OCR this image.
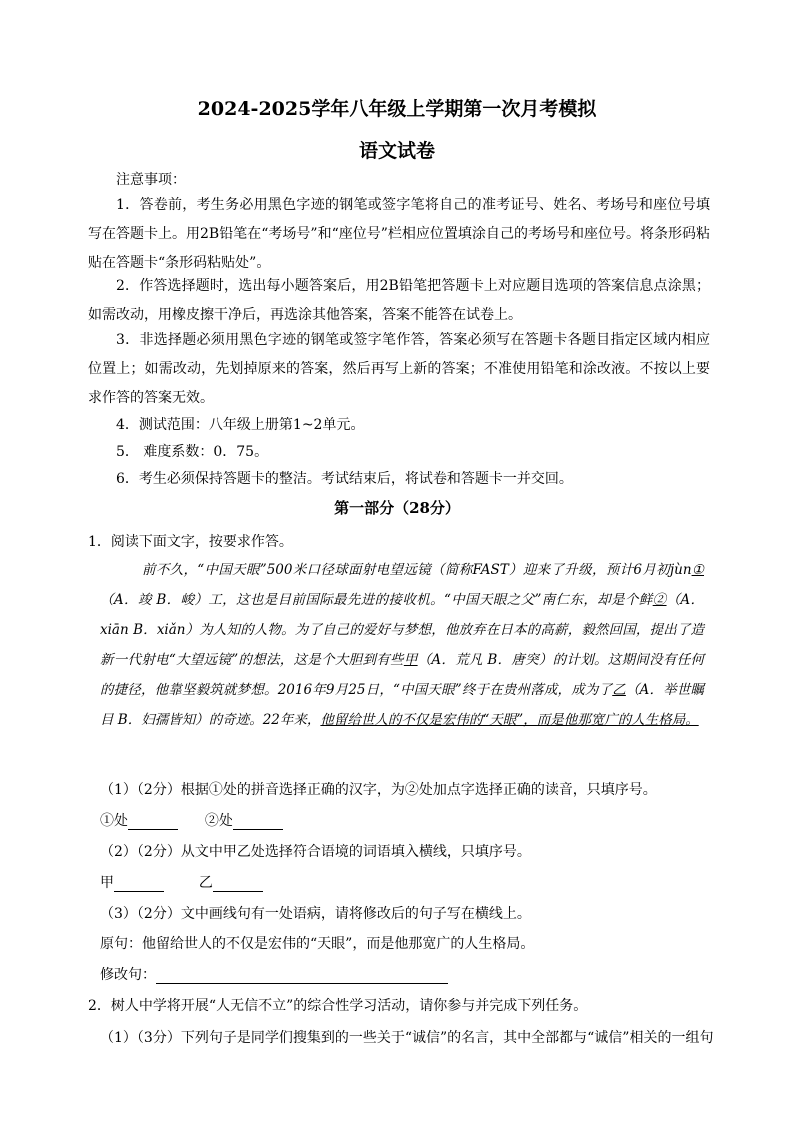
2024-2025学年八年级上学期第一次月考模拟
语文试卷
注意事项：
1．答卷前，考生务必用黑色字迹的钢笔或签字笔将自己的准考证号、姓名、考场号和座位号填写在答题卡上。用2B铅笔在“考场号”和“座位号”栏相应位置填涂自己的考场号和座位号。将条形码粘贴在答题卡“条形码粘贴处”。
2．作答选择题时，选出每小题答案后，用2B铅笔把答题卡上对应题目选项的答案信息点涂黑；如需改动，用橡皮擦干净后，再选涂其他答案，答案不能答在试卷上。
3．非选择题必须用黑色字迹的钢笔或签字笔作答，答案必须写在答题卡各题目指定区域内相应位置上；如需改动，先划掉原来的答案，然后再写上新的答案；不准使用铅笔和涂改液。不按以上要求作答的答案无效。
4．测试范围：八年级上册第1~2单元。
5． 难度系数：0．75。
6．考生必须保持答题卡的整洁。考试结束后，将试卷和答题卡一并交回。
第一部分（28分）
1．阅读下面文字，按要求作答。
前不久，“中国天眼”500米口径球面射电望远镜（简称FAST）迎来了升级，预计6月初jùn①（A．竣 B．峻）工，这也是目前国际最先进的接收机。“中国天眼之父”南仁东，却是个鲜②（A．xiān B．xiǎn）为人知的人物。为了自己的爱好与梦想，他放弃在日本的高薪，毅然回国，提出了造新一代射电“大望远镜”的想法，这是个大胆到有些甲（A．荒凡 B．唐突）的计划。这期间没有任何的捷径，他靠坚毅筑就梦想。2016年9月25日，“中国天眼”终于在贵州落成，成为了乙（A．举世瞩目 B．妇孺皆知）的奇迹。22年来，他留给世人的不仅是宏伟的“天眼”，而是他那宽广的人生格局。
（1）（2分）根据①处的拼音选择正确的汉字，为②处加点字选择正确的读音，只填序号。
①处	②处
（2）（2分）从文中甲乙处选择符合语境的词语填入横线，只填序号。
甲	乙
（3）（2分）文中画线句有一处语病，请将修改后的句子写在横线上。
原句：他留给世人的不仅是宏伟的“天眼”，而是他那宽广的人生格局。
修改句：
2．树人中学将开展“人无信不立”的综合性学习活动，请你参与并完成下列任务。
（1）（3分）下列句子是同学们搜集到的一些关于“诚信”的名言，其中全部都与“诚信”相关的一组句
